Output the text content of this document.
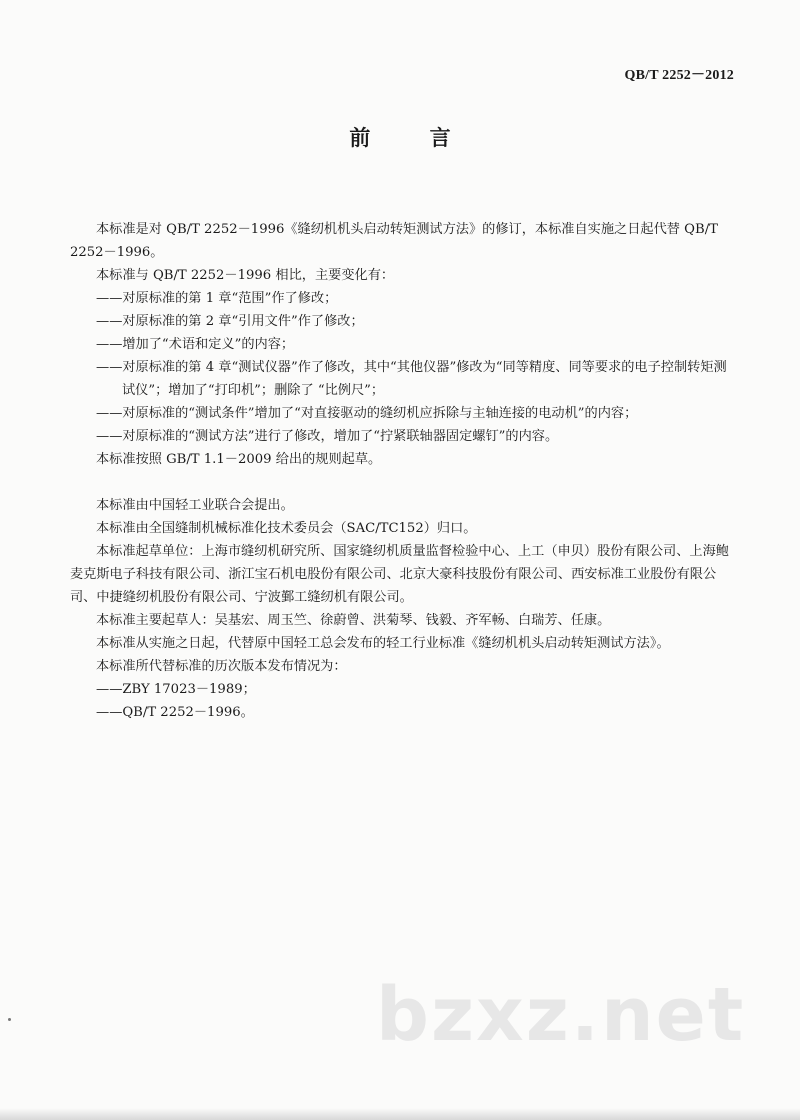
QB/T 2252－2012
前 言

本标准是对 QB/T 2252－1996《缝纫机机头启动转矩测试方法》的修订，本标准自实施之日起代替 QB/T 2252－1996。

本标准与 QB/T 2252－1996 相比，主要变化有：

——对原标准的第 1 章“范围”作了修改；

——对原标准的第 2 章“引用文件”作了修改；

——增加了“术语和定义”的内容；

——对原标准的第 4 章“测试仪器”作了修改，其中“其他仪器”修改为“同等精度、同等要求的电子控制转矩测试仪”；增加了“打印机”；删除了 “比例尺”；

——对原标准的“测试条件”增加了“对直接驱动的缝纫机应拆除与主轴连接的电动机”的内容；

——对原标准的“测试方法”进行了修改，增加了“拧紧联轴器固定螺钉”的内容。

本标准按照 GB/T 1.1－2009 给出的规则起草。

本标准由中国轻工业联合会提出。

本标准由全国缝制机械标准化技术委员会（SAC/TC152）归口。

本标准起草单位：上海市缝纫机研究所、国家缝纫机质量监督检验中心、上工（申贝）股份有限公司、上海鲍麦克斯电子科技有限公司、浙江宝石机电股份有限公司、北京大豪科技股份有限公司、西安标准工业股份有限公司、中捷缝纫机股份有限公司、宁波鄞工缝纫机有限公司。

本标准主要起草人：吴基宏、周玉竺、徐蔚曾、洪菊琴、钱毅、齐军畅、白瑞芳、任康。

本标准从实施之日起，代替原中国轻工总会发布的轻工行业标准《缝纫机机头启动转矩测试方法》。

本标准所代替标准的历次版本发布情况为：

——ZBY 17023－1989；

——QB/T 2252－1996。

bzxz.net
